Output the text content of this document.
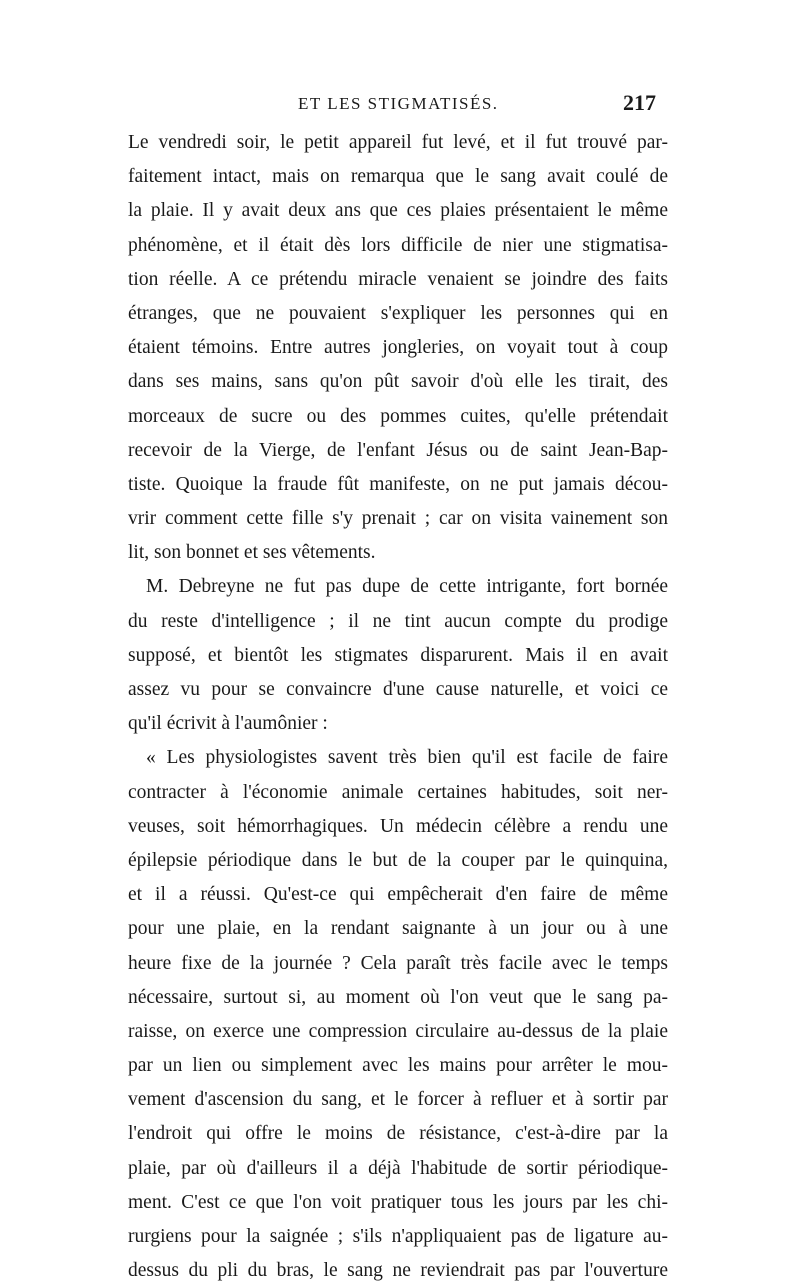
ET LES STIGMATISÉS.	217
Le vendredi soir, le petit appareil fut levé, et il fut trouvé par-
faitement intact, mais on remarqua que le sang avait coulé de
la plaie. Il y avait deux ans que ces plaies présentaient le même
phénomène, et il était dès lors difficile de nier une stigmatisa-
tion réelle. A ce prétendu miracle venaient se joindre des faits
étranges, que ne pouvaient s'expliquer les personnes qui en
étaient témoins. Entre autres jongleries, on voyait tout à coup
dans ses mains, sans qu'on pût savoir d'où elle les tirait, des
morceaux de sucre ou des pommes cuites, qu'elle prétendait
recevoir de la Vierge, de l'enfant Jésus ou de saint Jean-Bap-
tiste. Quoique la fraude fût manifeste, on ne put jamais décou-
vrir comment cette fille s'y prenait ; car on visita vainement son
lit, son bonnet et ses vêtements.
M. Debreyne ne fut pas dupe de cette intrigante, fort bornée
du reste d'intelligence ; il ne tint aucun compte du prodige
supposé, et bientôt les stigmates disparurent. Mais il en avait
assez vu pour se convaincre d'une cause naturelle, et voici ce
qu'il écrivit à l'aumônier :
« Les physiologistes savent très bien qu'il est facile de faire
contracter à l'économie animale certaines habitudes, soit ner-
veuses, soit hémorrhagiques. Un médecin célèbre a rendu une
épilepsie périodique dans le but de la couper par le quinquina,
et il a réussi. Qu'est-ce qui empêcherait d'en faire de même
pour une plaie, en la rendant saignante à un jour ou à une
heure fixe de la journée ? Cela paraît très facile avec le temps
nécessaire, surtout si, au moment où l'on veut que le sang pa-
raisse, on exerce une compression circulaire au-dessus de la plaie
par un lien ou simplement avec les mains pour arrêter le mou-
vement d'ascension du sang, et le forcer à refluer et à sortir par
l'endroit qui offre le moins de résistance, c'est-à-dire par la
plaie, par où d'ailleurs il a déjà l'habitude de sortir périodique-
ment. C'est ce que l'on voit pratiquer tous les jours par les chi-
rurgiens pour la saignée ; s'ils n'appliquaient pas de ligature au-
dessus du pli du bras, le sang ne reviendrait pas par l'ouverture
